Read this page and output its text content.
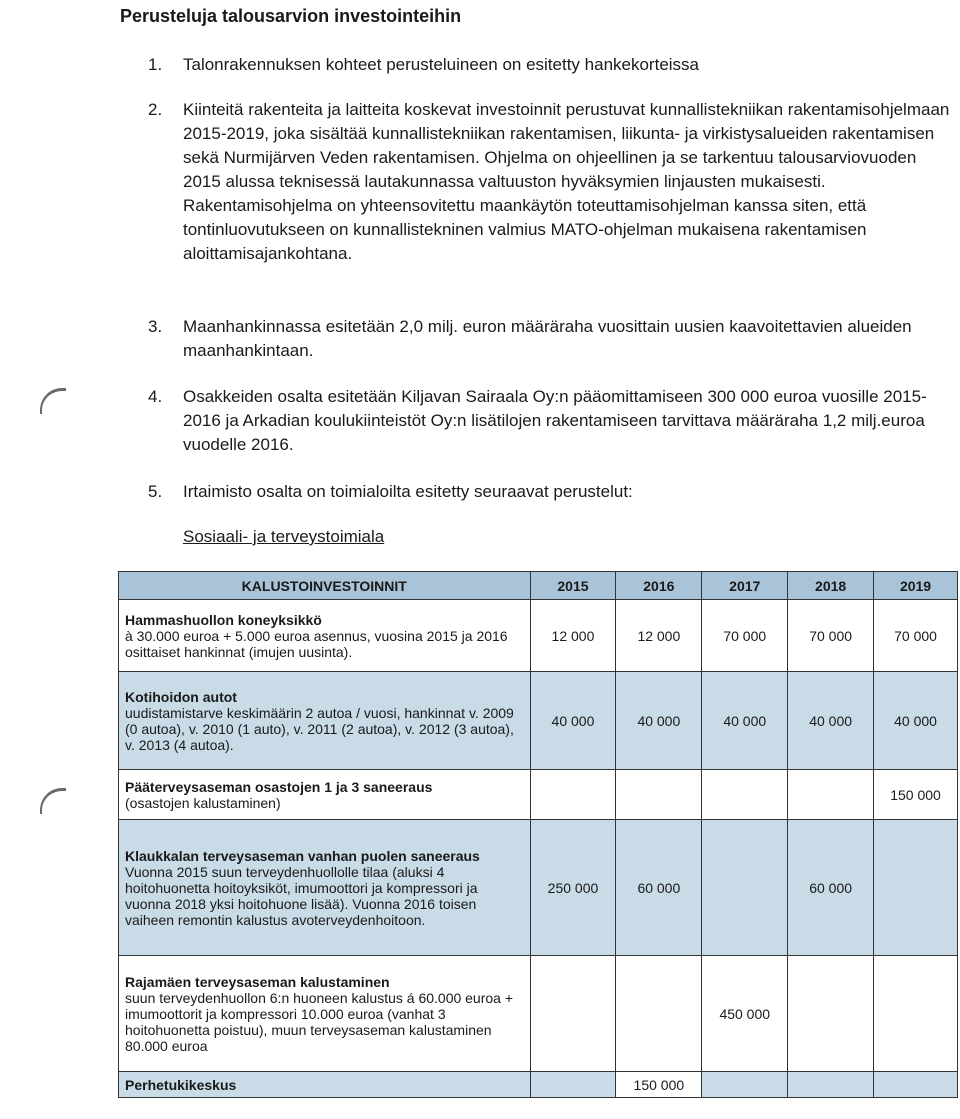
Perusteluja talousarvion investointeihin
1.	Talonrakennuksen kohteet perusteluineen on esitetty hankekorteissa
2.	Kiinteitä rakenteita ja laitteita koskevat investoinnit perustuvat kunnallistekniikan rakentamisohjelmaan 2015-2019, joka sisältää kunnallistekniikan rakentamisen, liikunta- ja virkistysalueiden rakentamisen sekä Nurmijärven Veden rakentamisen. Ohjelma on ohjeellinen ja se tarkentuu talousarviovuoden 2015 alussa teknisessä lautakunnassa valtuuston hyväksymien linjausten mukaisesti. Rakentamisohjelma on yhteensovitettu maankäytön toteuttamisohjelman kanssa siten, että tontinluovutukseen on kunnallistekninen valmius MATO-ohjelman mukaisena rakentamisen aloittamisajankohtana.
3.	Maanhankinnassa esitetään 2,0 milj. euron määräraha vuosittain uusien kaavoitettavien alueiden maanhankintaan.
4.	Osakkeiden osalta esitetään Kiljavan Sairaala Oy:n pääomittamiseen 300 000 euroa vuosille 2015-2016 ja Arkadian koulukiinteistöt Oy:n lisätilojen rakentamiseen tarvittava määräraha 1,2 milj.euroa vuodelle 2016.
5.	Irtaimisto osalta on toimialoilta esitetty seuraavat perustelut:
Sosiaali- ja terveystoimiala
KALUSTOINVESTOINNIT	2015	2016	2017	2018	2019

Hammashuollon koneyksikkö
à 30.000 euroa + 5.000 euroa asennus, vuosina 2015 ja 2016 osittaiset hankinnat (imujen uusinta).	12 000	12 000	70 000	70 000	70 000

Kotihoidon autot
uudistamistarve keskimäärin 2 autoa / vuosi, hankinnat v. 2009 (0 autoa), v. 2010 (1 auto), v. 2011 (2 autoa), v. 2012 (3 autoa), v. 2013 (4 autoa).	40 000	40 000	40 000	40 000	40 000

Pääterveysaseman osastojen 1 ja 3 saneeraus
(osastojen kalustaminen)					150 000

Klaukkalan terveysaseman vanhan puolen saneeraus Vuonna 2015 suun terveydenhuollolle tilaa (aluksi 4 hoitohuonetta hoitoyksiköt, imumoottori ja kompressori ja vuonna 2018 yksi hoitohuone lisää). Vuonna 2016 toisen vaiheen remontin kalustus avoterveydenhoitoon.	250 000	60 000		60 000	

Rajamäen terveysaseman kalustaminen
suun terveydenhuollon 6:n huoneen kalustus á 60.000 euroa + imumoottorit ja kompressori 10.000 euroa (vanhat 3 hoitohuonetta poistuu), muun terveysaseman kalustaminen 80.000 euroa			450 000		

Perhetukikeskus		150 000			
